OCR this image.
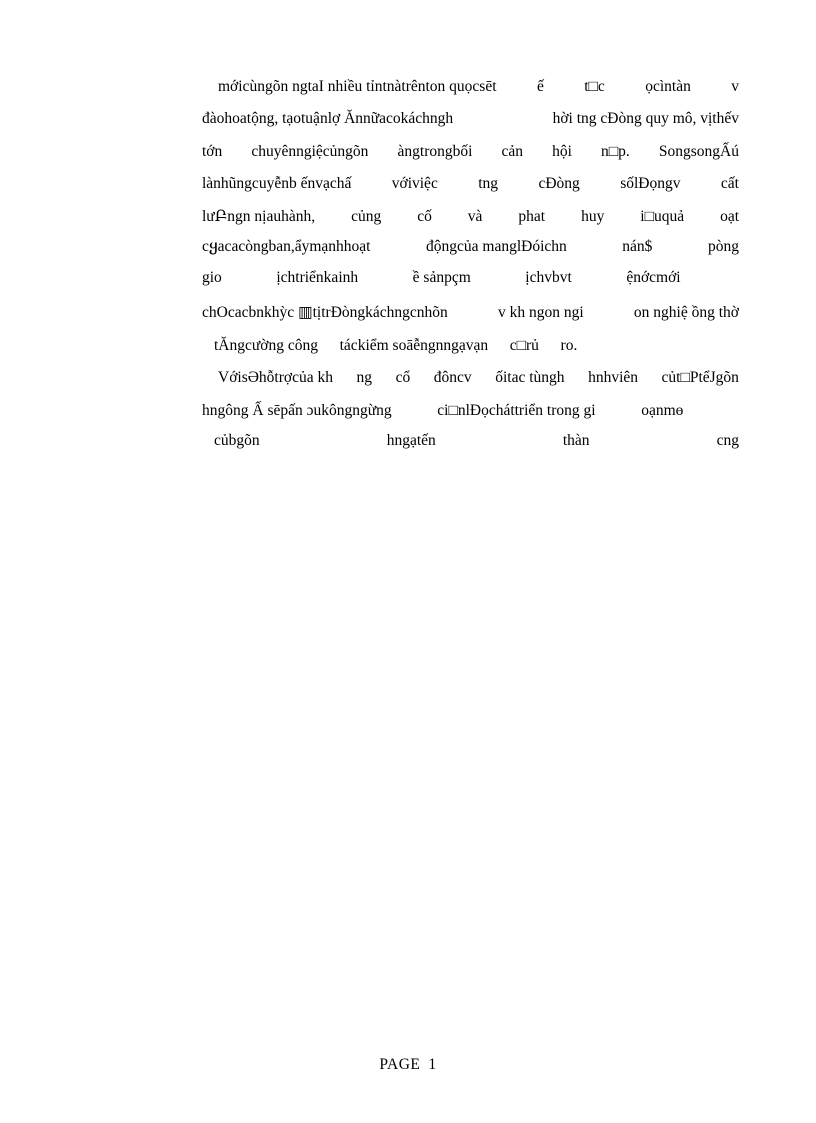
mớicùngõn ngtaI nhiều tỉntnàtrênton quọcsēt	ế	t□c	ọcìntàn	v
đàohoatộng, tạotuậnlợ Ănnữacokáchngh	hời tng cĐòng quy mô, vịthếv
tớn chuyênngiệcủngõn àngtrongbối cản hội n□p. SongsongẤú
lànhũngcuyễnb ếnvạchấ	vớiviệc	tng	cĐòng	sốlĐọngv	cất
lưԲngn nịauhành, củng cố và phat huy i□uquả oạt
cყacacòngban,ẩymạnhhoạt	độngcủa manglĐóichn	nán$	pòng
gio	ịchtriểnkainh	ề sảnpçm	ịchvbvt	ệnớcmới
chOcacbnkhỳc ▥tịtrĐòngkáchngcnhõn	v kh ngon ngi	on nghiệ ồng thờ
tĂngcường công táckiểm soāễngnngạvạn c□rủ ro.
VớisƏhỗtrợcủa kh ng cổ đôncv ốitac tùngh hnhviên củt□PtểJgõn
hngông Ấ sēpấn ɔukôngngừng	ci□nlĐọcháttriển trong gi	oạnmө
củbgõn	hngạtến	thàn	cng
PAGE 1
